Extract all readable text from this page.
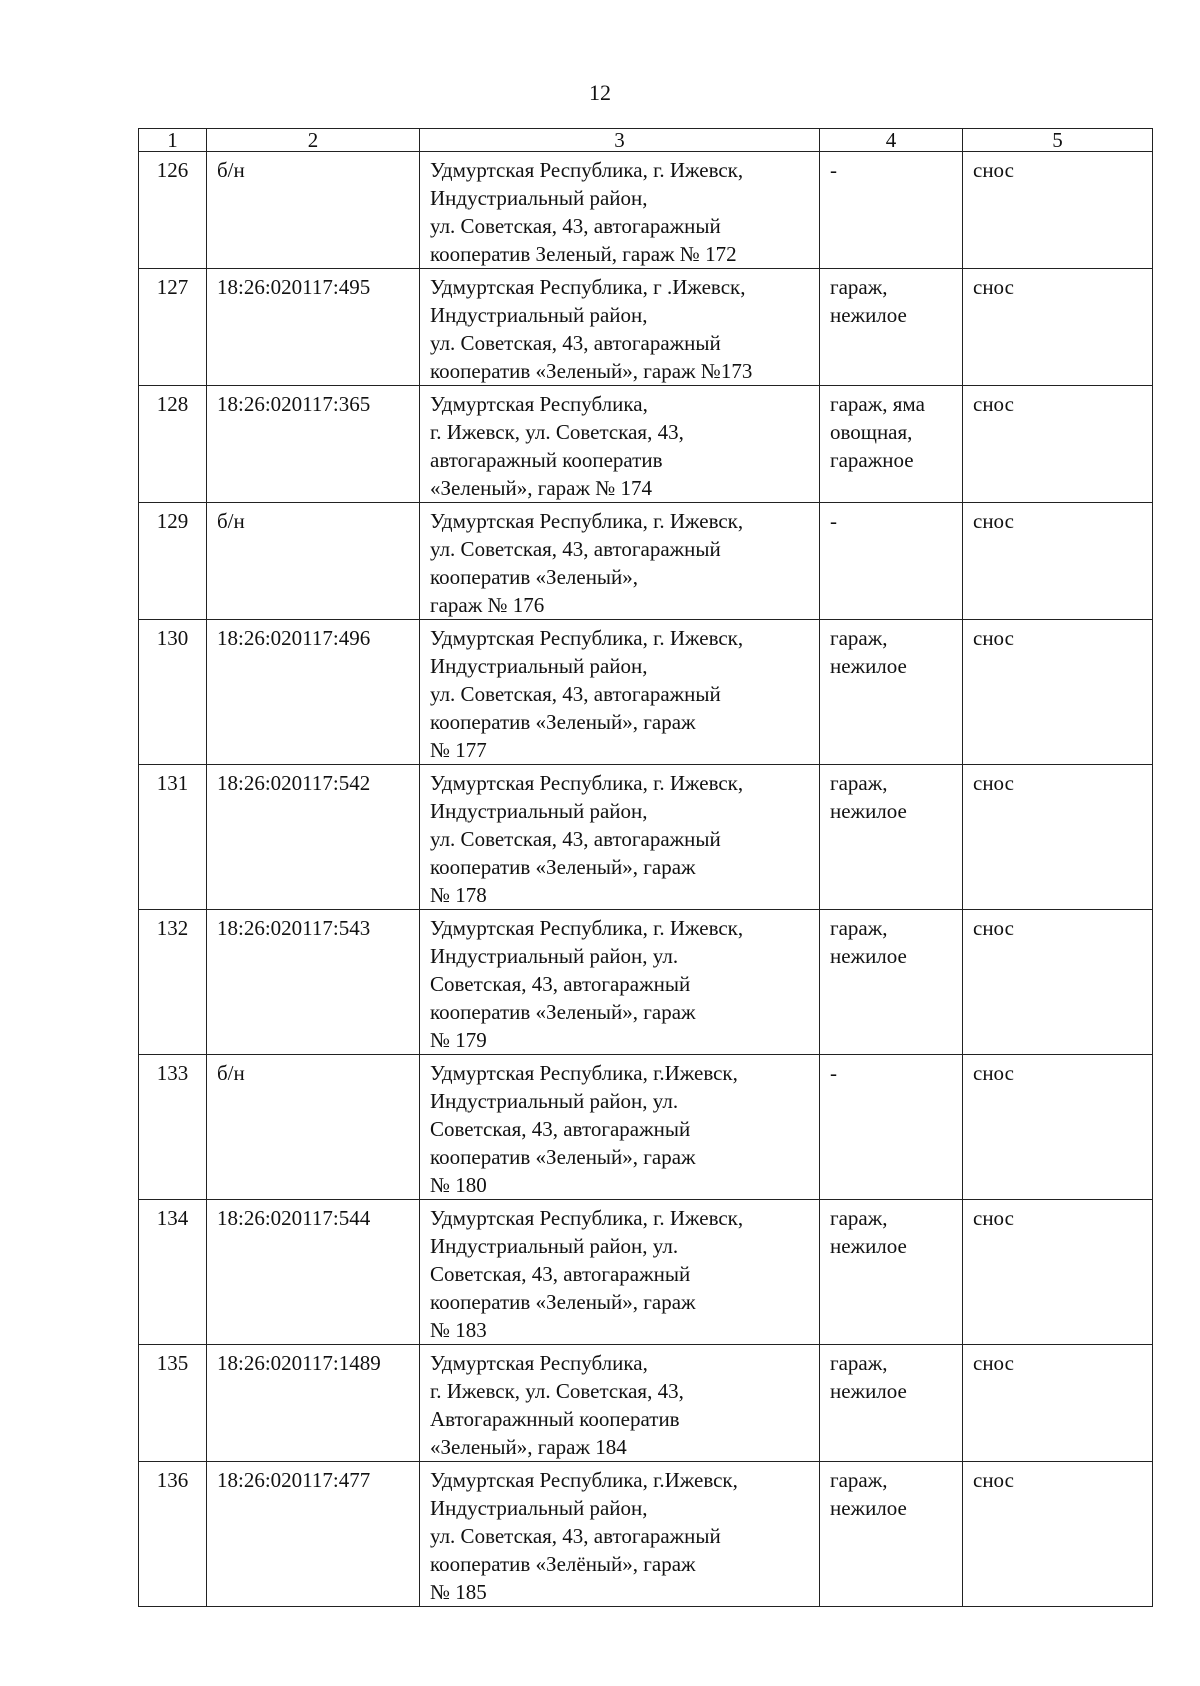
12
1	2	3	4	5
126	б/н	Удмуртская Республика, г. Ижевск,
Индустриальный район,
ул. Советская, 43, автогаражный
кооператив Зеленый, гараж № 172	-	снос
127	18:26:020117:495	Удмуртская Республика, г .Ижевск,
Индустриальный район,
ул. Советская, 43, автогаражный
кооператив «Зеленый», гараж №173	гараж,
нежилое	снос
128	18:26:020117:365	Удмуртская Республика,
г. Ижевск, ул. Советская, 43,
автогаражный кооператив
«Зеленый», гараж № 174	гараж, яма
овощная,
гаражное	снос
129	б/н	Удмуртская Республика, г. Ижевск,
ул. Советская, 43, автогаражный
кооператив «Зеленый»,
гараж № 176	-	снос
130	18:26:020117:496	Удмуртская Республика, г. Ижевск,
Индустриальный район,
ул. Советская, 43, автогаражный
кооператив «Зеленый», гараж
№ 177	гараж,
нежилое	снос
131	18:26:020117:542	Удмуртская Республика, г. Ижевск,
Индустриальный район,
ул. Советская, 43, автогаражный
кооператив «Зеленый», гараж
№ 178	гараж,
нежилое	снос
132	18:26:020117:543	Удмуртская Республика, г. Ижевск,
Индустриальный район, ул.
Советская, 43, автогаражный
кооператив «Зеленый», гараж
№ 179	гараж,
нежилое	снос
133	б/н	Удмуртская Республика, г.Ижевск,
Индустриальный район, ул.
Советская, 43, автогаражный
кооператив «Зеленый», гараж
№ 180	-	снос
134	18:26:020117:544	Удмуртская Республика, г. Ижевск,
Индустриальный район, ул.
Советская, 43, автогаражный
кооператив «Зеленый», гараж
№ 183	гараж,
нежилое	снос
135	18:26:020117:1489	Удмуртская Республика,
г. Ижевск, ул. Советская, 43,
Автогаражнный кооператив
«Зеленый», гараж 184	гараж,
нежилое	снос
136	18:26:020117:477	Удмуртская Республика, г.Ижевск,
Индустриальный район,
ул. Советская, 43, автогаражный
кооператив «Зелёный», гараж
№ 185	гараж,
нежилое	снос
